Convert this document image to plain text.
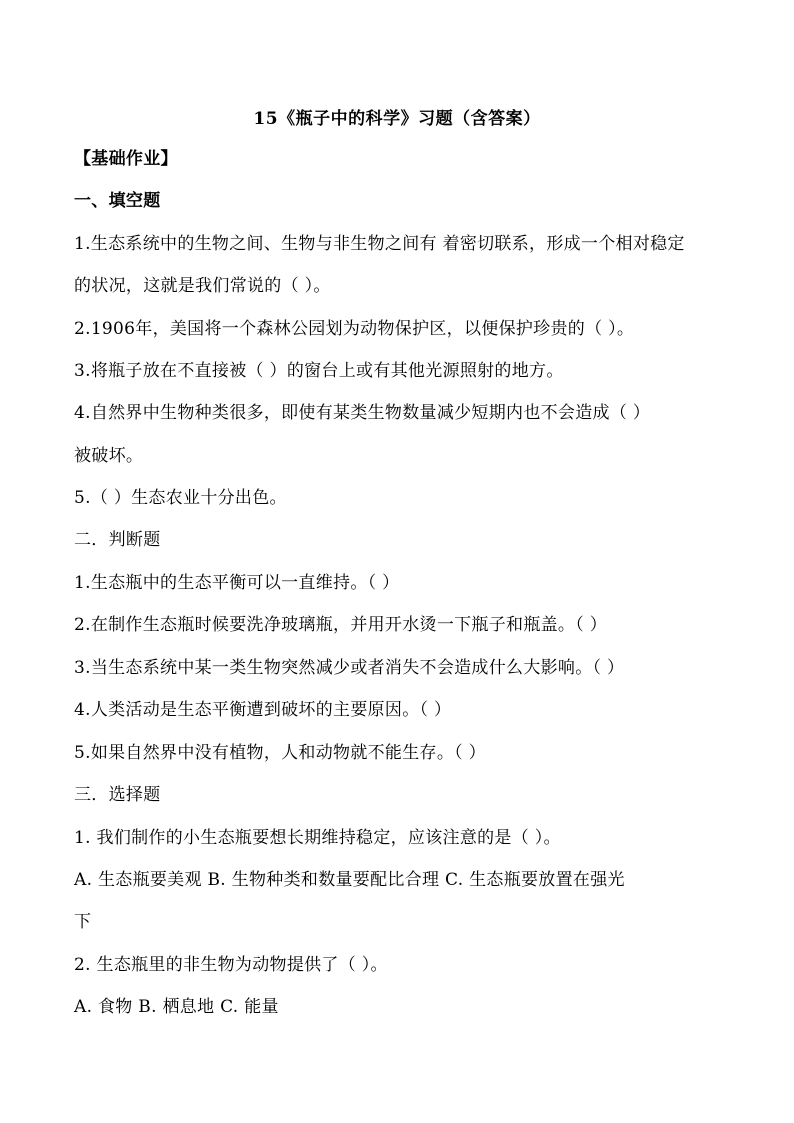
15《瓶子中的科学》习题（含答案）
【基础作业】
一、填空题
1.生态系统中的生物之间、生物与非生物之间有 着密切联系，形成一个相对稳定
的状况，这就是我们常说的（ ）。
2.1906年，美国将一个森林公园划为动物保护区，以便保护珍贵的（ ）。
3.将瓶子放在不直接被（ ）的窗台上或有其他光源照射的地方。
4.自然界中生物种类很多，即使有某类生物数量减少短期内也不会造成（ ）
被破坏。
5.（ ）生态农业十分出色。
二．判断题
1.生态瓶中的生态平衡可以一直维持。（ ）
2.在制作生态瓶时候要洗净玻璃瓶，并用开水烫一下瓶子和瓶盖。（ ）
3.当生态系统中某一类生物突然减少或者消失不会造成什么大影响。（ ）
4.人类活动是生态平衡遭到破坏的主要原因。（ ）
5.如果自然界中没有植物，人和动物就不能生存。（ ）
三．选择题
1. 我们制作的小生态瓶要想长期维持稳定，应该注意的是（ ）。
A. 生态瓶要美观 B. 生物种类和数量要配比合理 C. 生态瓶要放置在强光
下
2. 生态瓶里的非生物为动物提供了（ ）。
A. 食物 B. 栖息地 C. 能量
